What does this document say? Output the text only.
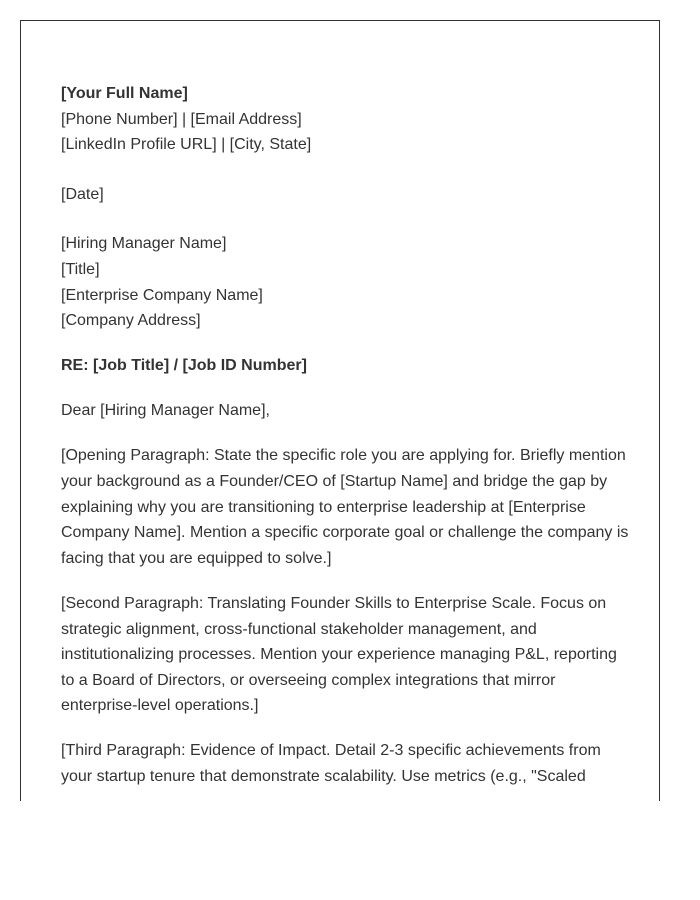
[Your Full Name]
[Phone Number] | [Email Address]
[LinkedIn Profile URL] | [City, State]
[Date]
[Hiring Manager Name]
[Title]
[Enterprise Company Name]
[Company Address]

RE: [Job Title] / [Job ID Number]

Dear [Hiring Manager Name],

[Opening Paragraph: State the specific role you are applying for. Briefly mention your background as a Founder/CEO of [Startup Name] and bridge the gap by explaining why you are transitioning to enterprise leadership at [Enterprise Company Name]. Mention a specific corporate goal or challenge the company is facing that you are equipped to solve.]

[Second Paragraph: Translating Founder Skills to Enterprise Scale. Focus on strategic alignment, cross-functional stakeholder management, and institutionalizing processes. Mention your experience managing P&L, reporting to a Board of Directors, or overseeing complex integrations that mirror enterprise-level operations.]

[Third Paragraph: Evidence of Impact. Detail 2-3 specific achievements from your startup tenure that demonstrate scalability. Use metrics (e.g., "Scaled
